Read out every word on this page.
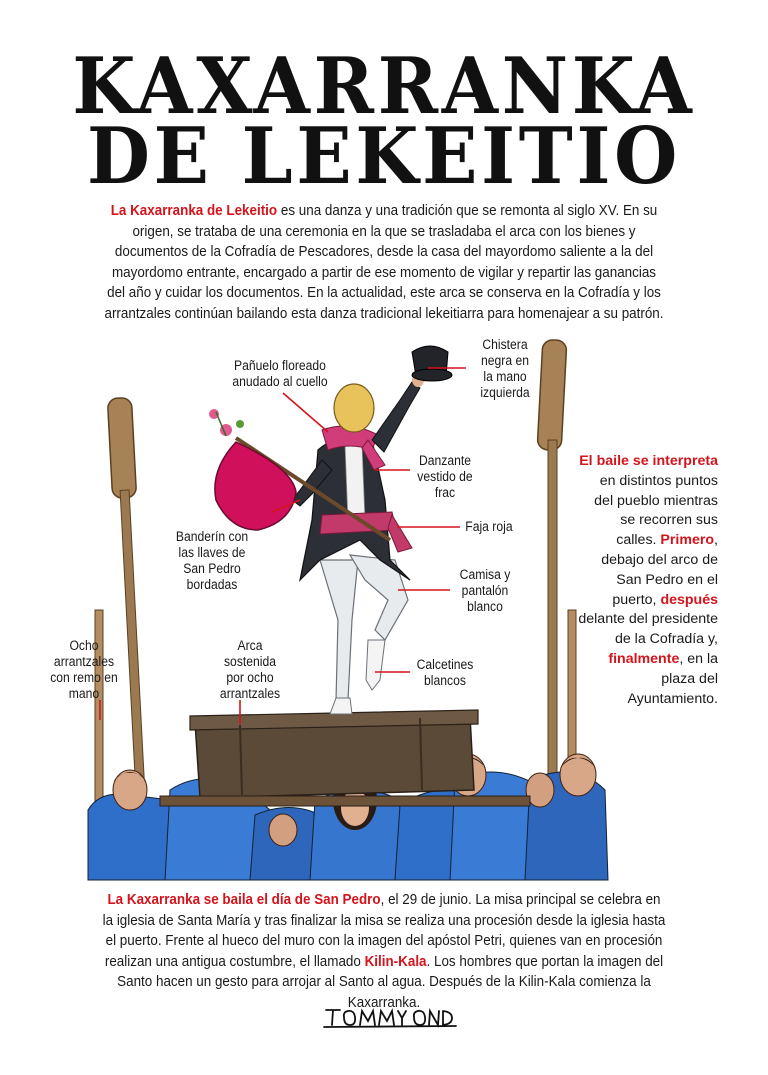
KAXARRANKA
DE LEKEITIO
La Kaxarranka de Lekeitio es una danza y una tradición que se remonta al siglo XV. En su origen, se trataba de una ceremonia en la que se trasladaba el arca con los bienes y documentos de la Cofradía de Pescadores, desde la casa del mayordomo saliente a la del mayordomo entrante, encargado a partir de ese momento de vigilar y repartir las ganancias del año y cuidar los documentos. En la actualidad, este arca se conserva en la Cofradía y los arrantzales continúan bailando esta danza tradicional lekeitiarra para homenajear a su patrón.
Pañuelo floreado anudado al cuello
Chistera negra en la mano izquierda
Danzante vestido de frac
Faja roja
Banderín con las llaves de San Pedro bordadas
Camisa y pantalón blanco
Calcetines blancos
Arca sostenida por ocho arrantzales
Ocho arrantzales con remo en mano
El baile se interpreta en distintos puntos del pueblo mientras se recorren sus calles. Primero, debajo del arco de San Pedro en el puerto, después delante del presidente de la Cofradía y, finalmente, en la plaza del Ayuntamiento.
La Kaxarranka se baila el día de San Pedro, el 29 de junio. La misa principal se celebra en la iglesia de Santa María y tras finalizar la misa se realiza una procesión desde la iglesia hasta el puerto. Frente al hueco del muro con la imagen del apóstol Petri, quienes van en procesión realizan una antigua costumbre, el llamado Kilin-Kala. Los hombres que portan la imagen del Santo hacen un gesto para arrojar al Santo al agua. Después de la Kilin-Kala comienza la Kaxarranka.
